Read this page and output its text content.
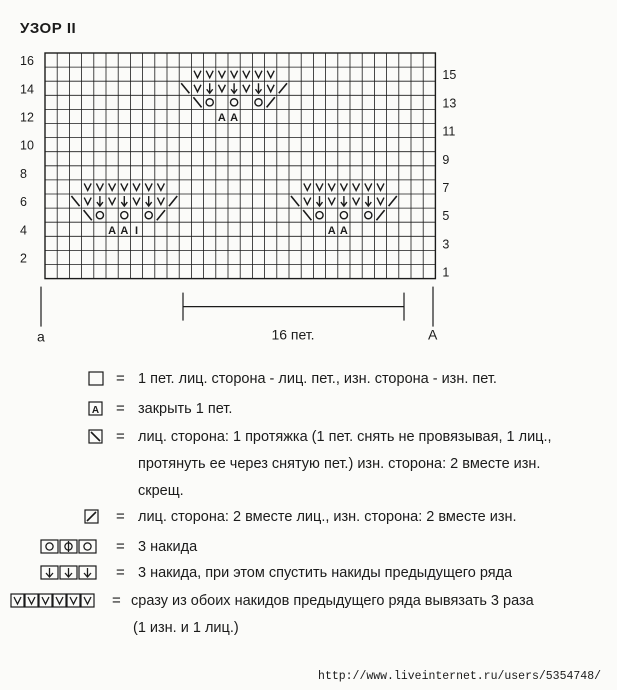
УЗОР II
2
4
6
8
10
12
14
16
1
3
5
7
9
11
13
15
A A I	A A
A A
a	A
16 пет.
= 1 пет. лиц. сторона - лиц. пет., изн. сторона - изн. пет.
A = закрыть 1 пет.
= лиц. сторона: 1 протяжка (1 пет. снять не провязывая, 1 лиц.,
протянуть ее через снятую пет.) изн. сторона: 2 вместе изн.
скрещ.
= лиц. сторона: 2 вместе лиц., изн. сторона: 2 вместе изн.
= 3 накида
= 3 накида, при этом спустить накиды предыдущего ряда
= сразу из обоих накидов предыдущего ряда вывязать 3 раза
(1 изн. и 1 лиц.)
http://www.liveinternet.ru/users/5354748/
